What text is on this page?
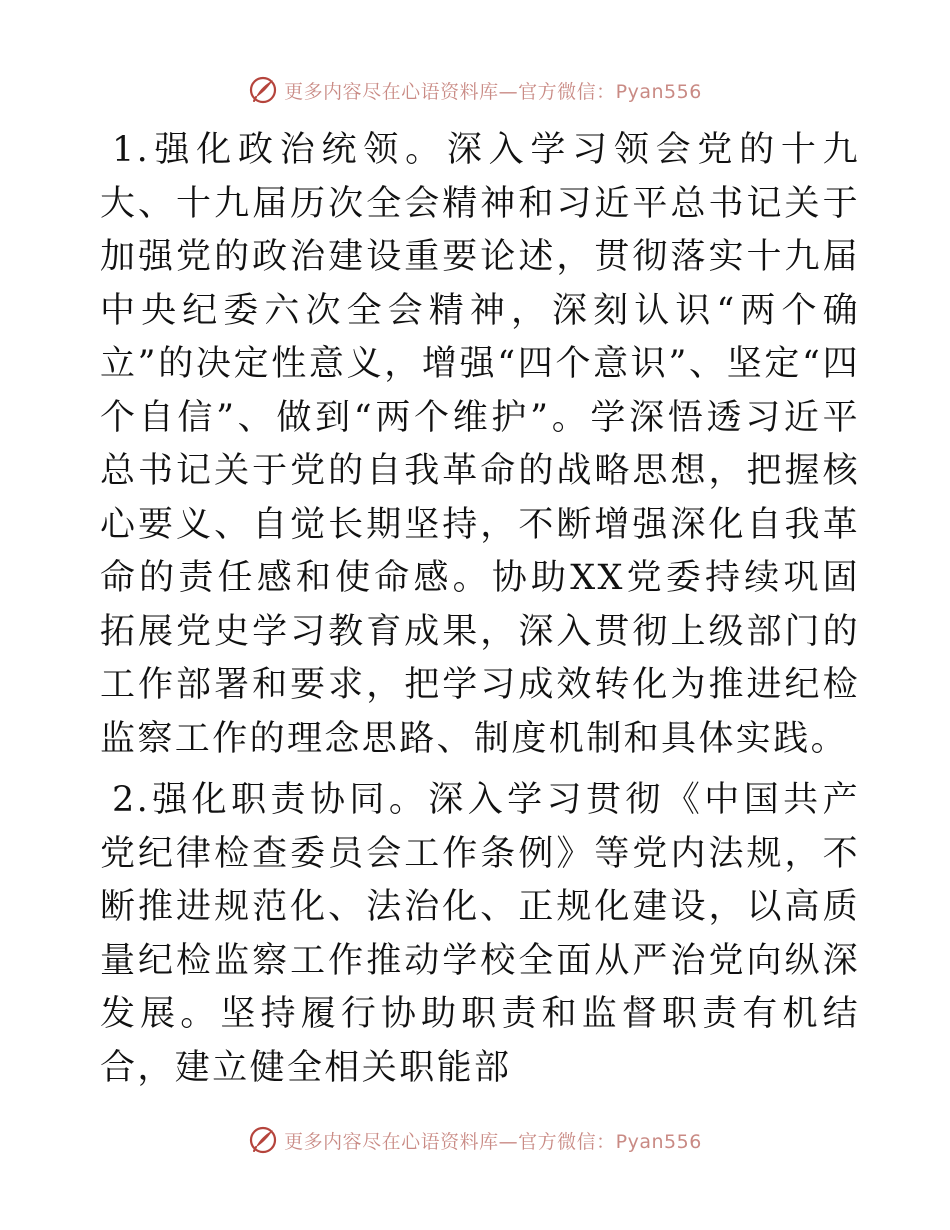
更多内容尽在心语资料库—官方微信：Pyan556

1.强化政治统领。深入学习领会党的十九大、十九届历次全会精神和习近平总书记关于加强党的政治建设重要论述，贯彻落实十九届中央纪委六次全会精神，深刻认识“两个确立”的决定性意义，增强“四个意识”、坚定“四个自信”、做到“两个维护”。学深悟透习近平总书记关于党的自我革命的战略思想，把握核心要义、自觉长期坚持，不断增强深化自我革命的责任感和使命感。协助XX党委持续巩固拓展党史学习教育成果，深入贯彻上级部门的工作部署和要求，把学习成效转化为推进纪检监察工作的理念思路、制度机制和具体实践。

2.强化职责协同。深入学习贯彻《中国共产党纪律检查委员会工作条例》等党内法规，不断推进规范化、法治化、正规化建设，以高质量纪检监察工作推动学校全面从严治党向纵深发展。坚持履行协助职责和监督职责有机结合，建立健全相关职能部

更多内容尽在心语资料库—官方微信：Pyan556
